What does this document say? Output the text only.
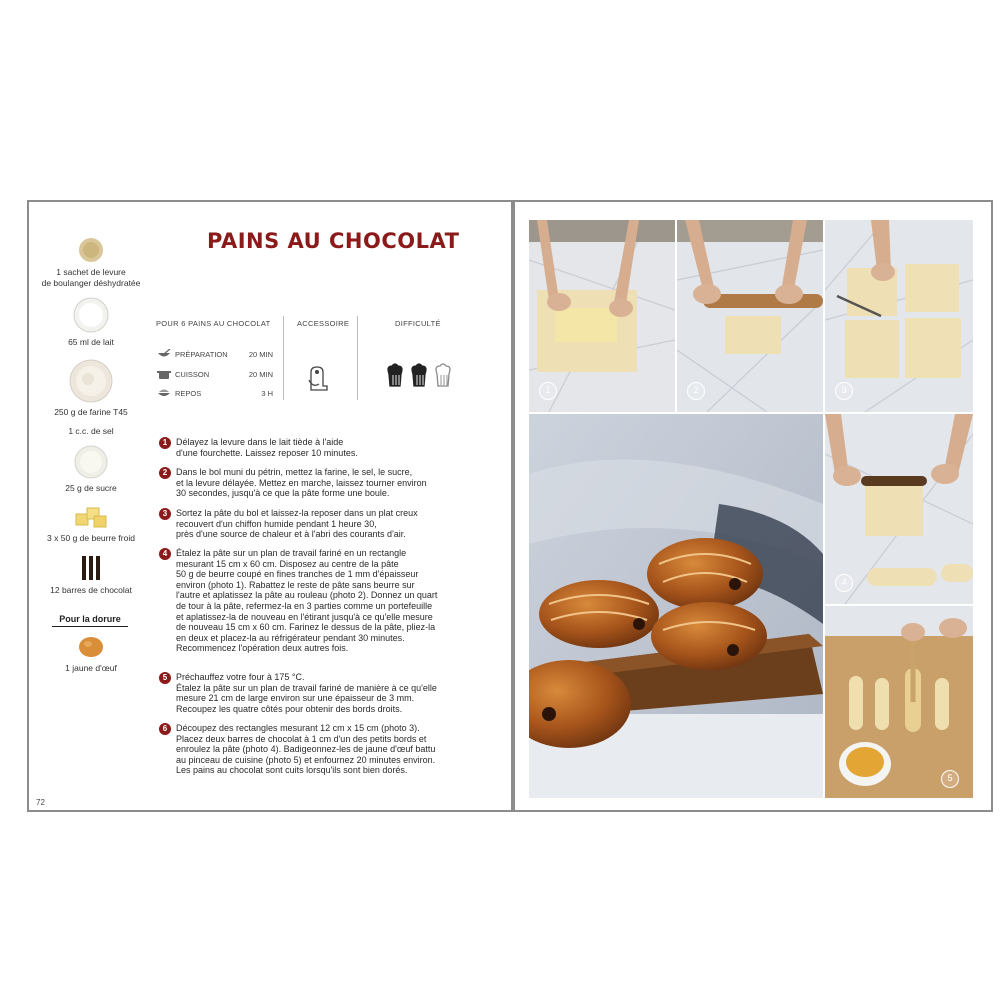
1 sachet de levure
de boulanger déshydratée
65 ml de lait
250 g de farine T45
1 c.c. de sel
25 g de sucre
3 x 50 g de beurre froid
12 barres de chocolat
Pour la dorure
1 jaune d'œuf
PAINS AU CHOCOLAT
POUR 6 PAINS AU CHOCOLAT	ACCESSOIRE	DIFFICULTÉ
PRÉPARATION	20 MIN
CUISSON	20 MIN
REPOS	3 H
1 Délayez la levure dans le lait tiède à l'aide
d'une fourchette. Laissez reposer 10 minutes.
2 Dans le bol muni du pétrin, mettez la farine, le sel, le sucre,
et la levure délayée. Mettez en marche, laissez tourner environ
30 secondes, jusqu'à ce que la pâte forme une boule.
3 Sortez la pâte du bol et laissez-la reposer dans un plat creux
recouvert d'un chiffon humide pendant 1 heure 30,
près d'une source de chaleur et à l'abri des courants d'air.
4 Étalez la pâte sur un plan de travail fariné en un rectangle
mesurant 15 cm x 60 cm. Disposez au centre de la pâte
50 g de beurre coupé en fines tranches de 1 mm d'épaisseur
environ (photo 1). Rabattez le reste de pâte sans beurre sur
l'autre et aplatissez la pâte au rouleau (photo 2). Donnez un quart
de tour à la pâte, refermez-la en 3 parties comme un portefeuille
et aplatissez-la de nouveau en l'étirant jusqu'à ce qu'elle mesure
de nouveau 15 cm x 60 cm. Farinez le dessus de la pâte, pliez-la
en deux et placez-la au réfrigérateur pendant 30 minutes.
Recommencez l'opération deux autres fois.
5 Préchauffez votre four à 175 °C.
Étalez la pâte sur un plan de travail fariné de manière à ce qu'elle
mesure 21 cm de large environ sur une épaisseur de 3 mm.
Recoupez les quatre côtés pour obtenir des bords droits.
6 Découpez des rectangles mesurant 12 cm x 15 cm (photo 3).
Placez deux barres de chocolat à 1 cm d'un des petits bords et
enroulez la pâte (photo 4). Badigeonnez-les de jaune d'œuf battu
au pinceau de cuisine (photo 5) et enfournez 20 minutes environ.
Les pains au chocolat sont cuits lorsqu'ils sont bien dorés.
72
1	2	3
4
5
